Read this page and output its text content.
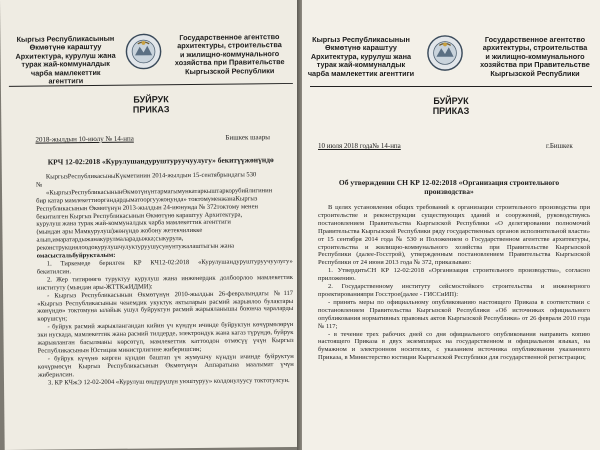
Кыргыз Республикасынын
Өкмөтүнө караштуу
Архитектура, курулуш жана
турак жай-коммуналдык
чарба мамлекеттик агенттиги
Государственное агентство
архитектуры, строительства
и жилищно-коммунального
хозяйства при Правительстве
Кыргызской Республики
БУЙРУК
ПРИКАЗ
2018-жылдын 10-июлу № 14-нпа	Бишкек шаары
КРЧ 12-02:2018 «Курулушандуруштуруучуулугу» бекитүүжөнүндө

КыргызРеспубликасыныКүкметинин 2014-жылдын 15-сентябрындагы 530

№

«КыргызРеспубликасынынӨкмөтүнүнтармагымункатаркыштаркорубийлигинин

бир катар мамлекеттиоргандардыматооргуужоңунда» токтомуменжанаКыргыз

Республикасынын Өкмөтүнүн 2013-жылдын 24-июнунда № 372токтому менен

бекитилген Кыргыз Республикасынын Өкмөтүнө караштуу Архитектура,

курулуш жана турак жай-коммуналдык чарба мамлекеттик агенттиги

(мындан ары Мамкурулуш)жөнүндө жобону жетекчиликке

алып,имаратардыжанакурулмаларадыжка;сыкурула,

реконструкциялоодокурулушчулуктуруушусунунтужалаштыгын жана

омасыстальбуйрукталым:

1. Тиркемеде берилген КР КЧ12-02:2018 «Курулушандуруштуруучуулугу» бекитилсин.

2. Жер титирөөгө туруктуу курулуш жана инженердик долбоорлоо мамлекеттик институту (мындан ары-ЖТТКжИДМИ):

- Кыргыз Республикасынын Өкмөтүнүн 2010-жылдын 26-февралындагы №117 «Кыргыз Республикасынын ченемдик укуктук актыларын расмий жарыялоо булактары жөнүндө» токтомуна ылайык ушул буйруктун расмий жарыяланышы боюнча чараларды көрүшсүн;

- буйрук расмий жарыялангандан кийин үч күндүн ичинде буйруктун көчүрмөлөрүн эки нускада, мамлекеттик жана расмий тилдерде, электрондук жана кагаз түрүндө, буйрук жарыяланган басылманы көрсөтүп, мамлекеттик каттоодон өтмөсүү үчүн Кыргыз Республикасынын Юстиция министрлигине жиберишсин;

- буйрук күчүнө кирген күндөн баштап үч жумушчу күндүн ичинде буйруктун көчүрмөсүн Кыргыз Республикасынын Өкмөтүнүн Аппаратына маалымат үчүн жиберилсин.

3. КР КЧжЭ 12-02-2004 «Курулуш өндүрүшүн уюштуруу» колдонулуусу токтотулсун.

Кыргыз Республикасынын
Өкмөтүнө караштуу
Архитектура, курулуш жана
турак жай-коммуналдык
чарба мамлекеттик агенттиги
Государственное агентство
архитектуры, строительства
и жилищно-коммунального
хозяйства при Правительстве
Кыргызской Республики
БУЙРУК
ПРИКАЗ
10 июля 2018 года№ 14-нпа	г.Бишкек
Об утверждении СН КР 12-02:2018 «Организация строительного производства»

В целях установления общих требований к организации строительного производства при строительстве и реконструкции существующих зданий и сооружений, руководствуясь постановлением Правительства Кыргызской Республики «О делегировании полномочий Правительства Кыргызской Республики ряду государственных органов исполнительной власти» от 15 сентября 2014 года № 530 и Положением о Государственном агентстве архитектуры, строительства и жилищно-коммунального хозяйства при Правительстве Кыргызской Республики (далее-Госстрой), утвержденным постановлением Правительства Кыргызской Республики от 24 июня 2013 года № 372, приказываю:

1. УтвердитьСН КР 12-02:2018 «Организация строительного производства», согласно приложению.

2. Государственному институту сейсмостойкого строительства и инженерного проектированияпри Госстрое(далее - ГИССиИП):

- принять меры по официальному опубликованию настоящего Приказа в соответствии с постановлением Правительства Кыргызской Республики «Об источниках официального опубликования нормативных правовых актов Кыргызской Республики» от 26 февраля 2010 года № 117;

- в течение трех рабочих дней со дня официального опубликования направить копию настоящего Приказа в двух экземплярах на государственном и официальном языках, на бумажном и электронном носителях, с указанием источника опубликования указанного Приказа, в Министерство юстиции Кыргызской Республики для государственной регистрации;
